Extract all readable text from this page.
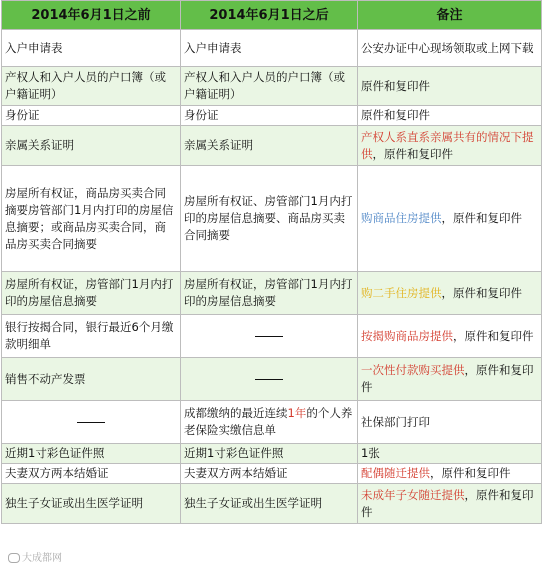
2014年6月1日之前	2014年6月1日之后	备注
入户申请表	入户申请表	公安办证中心现场领取或上网下载
产权人和入户人员的户口簿（或户籍证明）	产权人和入户人员的户口簿（或户籍证明）	原件和复印件
身份证	身份证	原件和复印件
亲属关系证明	亲属关系证明	产权人系直系亲属共有的情况下提供，原件和复印件
房屋所有权证，商品房买卖合同摘要房管部门1月内打印的房屋信息摘要；或商品房买卖合同，商品房买卖合同摘要	房屋所有权证、房管部门1月内打印的房屋信息摘要、商品房买卖合同摘要	购商品住房提供，原件和复印件
房屋所有权证，房管部门1月内打印的房屋信息摘要	房屋所有权证，房管部门1月内打印的房屋信息摘要	购二手住房提供，原件和复印件
银行按揭合同，银行最近6个月缴款明细单		按揭购商品房提供，原件和复印件
销售不动产发票		一次性付款购买提供，原件和复印件
	成都缴纳的最近连续1年的个人养老保险实缴信息单	社保部门打印
近期1寸彩色证件照	近期1寸彩色证件照	1张
夫妻双方两本结婚证	夫妻双方两本结婚证	配偶随迁提供，原件和复印件
独生子女证或出生医学证明	独生子女证或出生医学证明	未成年子女随迁提供，原件和复印件
大成都网
